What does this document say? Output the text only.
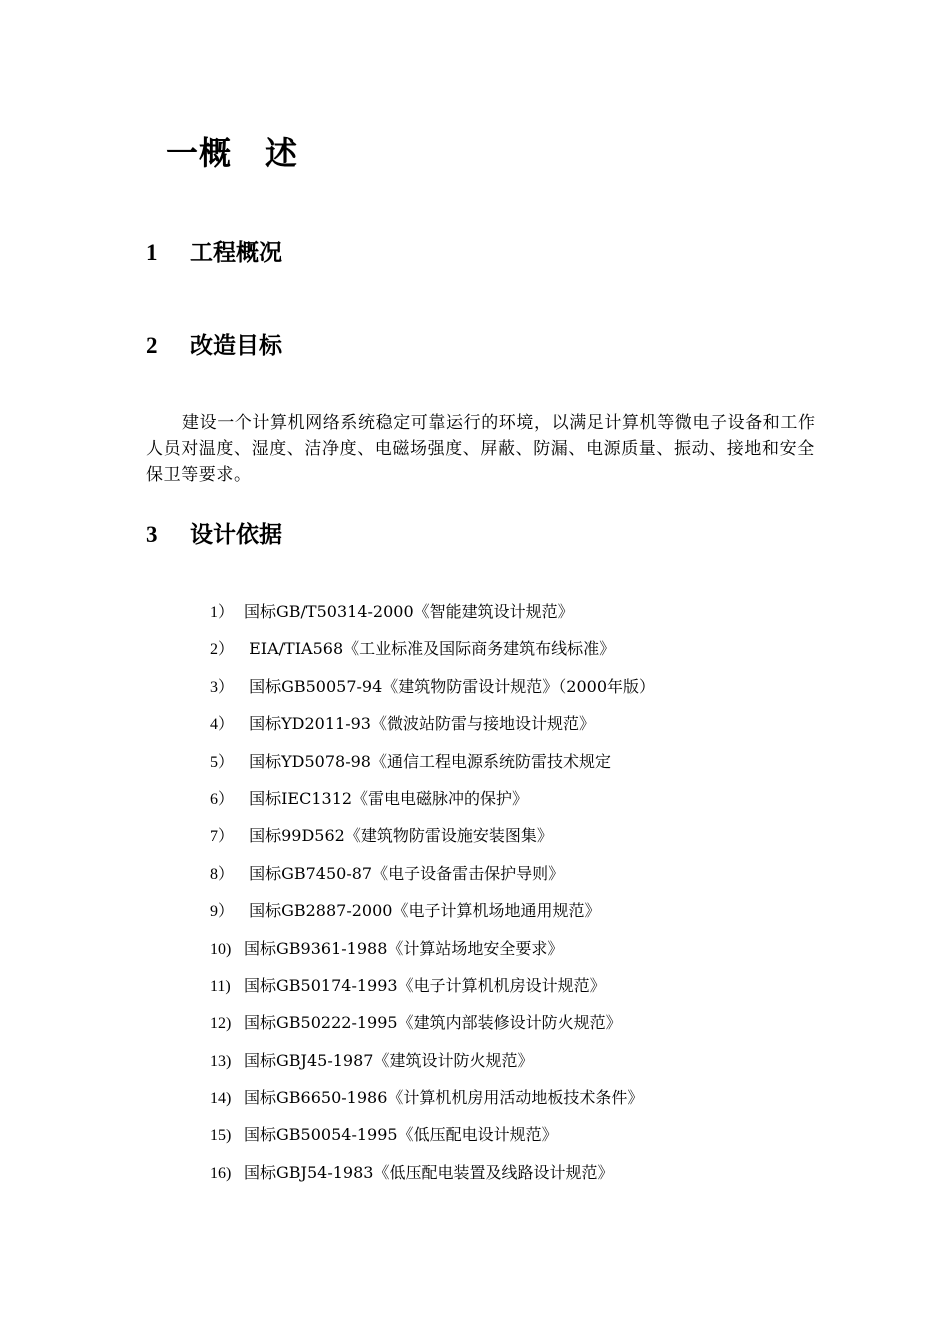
一概　述
1 工程概况
2 改造目标

建设一个计算机网络系统稳定可靠运行的环境，以满足计算机等微电子设备和工作人员对温度、湿度、洁净度、电磁场强度、屏蔽、防漏、电源质量、振动、接地和安全保卫等要求。

3 设计依据
1） 国标GB/T50314-2000《智能建筑设计规范》
2） EIA/TIA568《工业标准及国际商务建筑布线标准》
3） 国标GB50057-94《建筑物防雷设计规范》（2000年版）
4） 国标YD2011-93《微波站防雷与接地设计规范》
5） 国标YD5078-98《通信工程电源系统防雷技术规定
6） 国标IEC1312《雷电电磁脉冲的保护》
7） 国标99D562《建筑物防雷设施安装图集》
8） 国标GB7450-87《电子设备雷击保护导则》
9） 国标GB2887-2000《电子计算机场地通用规范》
10) 国标GB9361-1988《计算站场地安全要求》
11) 国标GB50174-1993《电子计算机机房设计规范》
12) 国标GB50222-1995《建筑内部装修设计防火规范》
13) 国标GBJ45-1987《建筑设计防火规范》
14) 国标GB6650-1986《计算机机房用活动地板技术条件》
15) 国标GB50054-1995《低压配电设计规范》
16) 国标GBJ54-1983《低压配电装置及线路设计规范》
